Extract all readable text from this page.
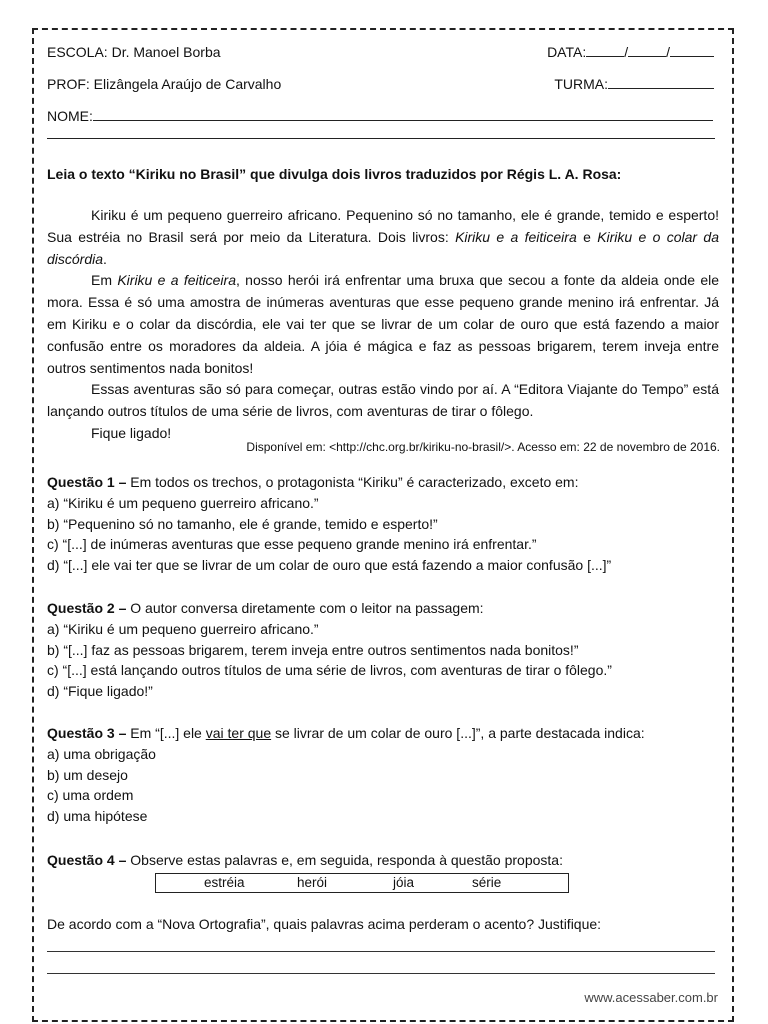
ESCOLA: Dr. Manoel Borba	DATA:	/	/
PROF: Elizângela Araújo de Carvalho	TURMA:
NOME:
Leia o texto “Kiriku no Brasil” que divulga dois livros traduzidos por Régis L. A. Rosa:

Kiriku é um pequeno guerreiro africano. Pequenino só no tamanho, ele é grande, temido e esperto! Sua estréia no Brasil será por meio da Literatura. Dois livros: Kiriku e a feiticeira e Kiriku e o colar da discórdia.

Em Kiriku e a feiticeira, nosso herói irá enfrentar uma bruxa que secou a fonte da aldeia onde ele mora. Essa é só uma amostra de inúmeras aventuras que esse pequeno grande menino irá enfrentar. Já em Kiriku e o colar da discórdia, ele vai ter que se livrar de um colar de ouro que está fazendo a maior confusão entre os moradores da aldeia. A jóia é mágica e faz as pessoas brigarem, terem inveja entre outros sentimentos nada bonitos!

Essas aventuras são só para começar, outras estão vindo por aí. A “Editora Viajante do Tempo” está lançando outros títulos de uma série de livros, com aventuras de tirar o fôlego.

Fique ligado!

Disponível em: <http://chc.org.br/kiriku-no-brasil/>. Acesso em: 22 de novembro de 2016.

Questão 1 – Em todos os trechos, o protagonista “Kiriku” é caracterizado, exceto em:

a) “Kiriku é um pequeno guerreiro africano.”

b) “Pequenino só no tamanho, ele é grande, temido e esperto!”

c) “[...] de inúmeras aventuras que esse pequeno grande menino irá enfrentar.”

d) “[...] ele vai ter que se livrar de um colar de ouro que está fazendo a maior confusão [...]”

Questão 2 – O autor conversa diretamente com o leitor na passagem:

a) “Kiriku é um pequeno guerreiro africano.”

b) “[...] faz as pessoas brigarem, terem inveja entre outros sentimentos nada bonitos!”

c) “[...] está lançando outros títulos de uma série de livros, com aventuras de tirar o fôlego.”

d) “Fique ligado!”

Questão 3 – Em “[...] ele vai ter que se livrar de um colar de ouro [...]”, a parte destacada indica:

a) uma obrigação

b) um desejo

c) uma ordem

d) uma hipótese

Questão 4 – Observe estas palavras e, em seguida, responda à questão proposta:

estréia	herói	jóia	série

De acordo com a “Nova Ortografia”, quais palavras acima perderam o acento? Justifique:

www.acessaber.com.br
